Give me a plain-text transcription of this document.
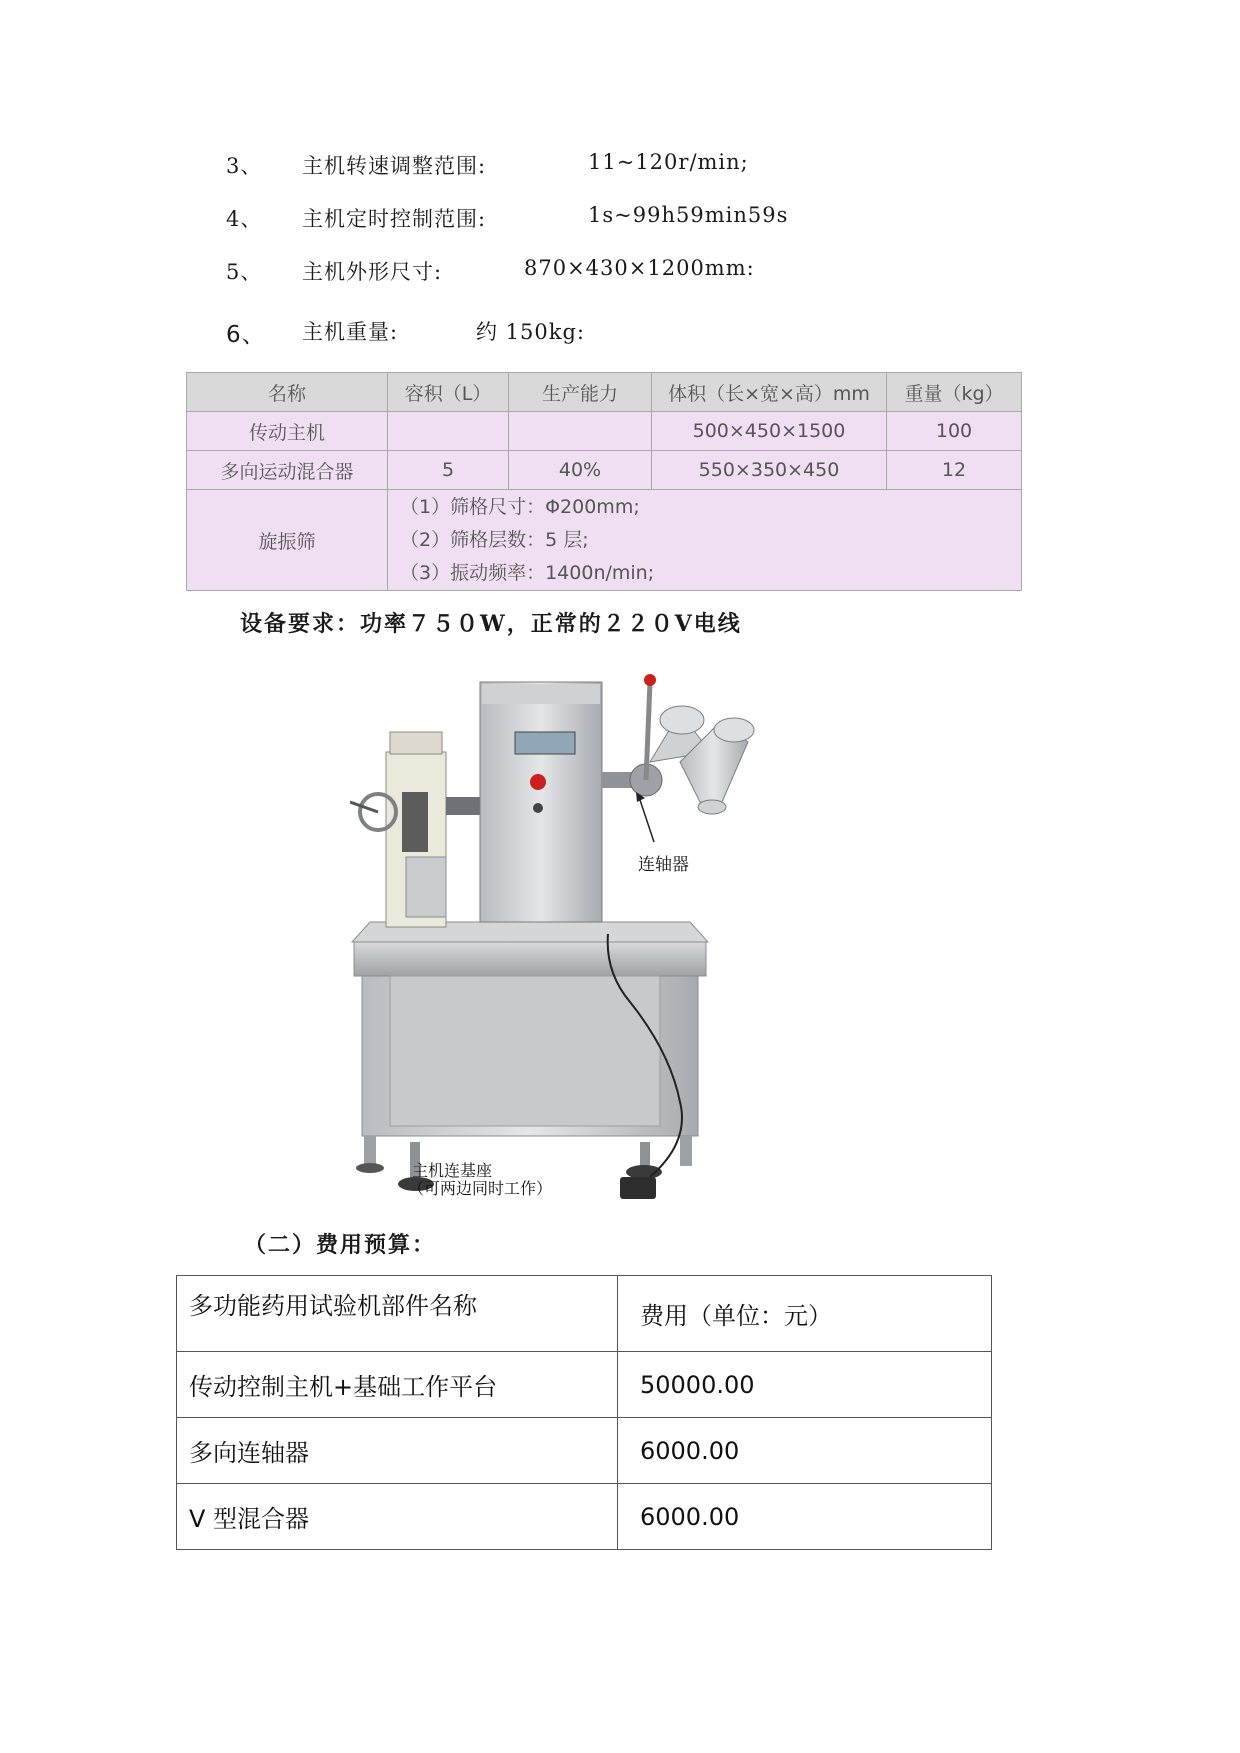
3、 主机转速调整范围:	11~120r/min;
4、 主机定时控制范围:	1s~99h59min59s
5、 主机外形尺寸:	870×430×1200mm:
6、 主机重量:	约 150kg:
名称	容积（L）	生产能力	体积（长×宽×高）mm	重量（kg）
传动主机			500×450×1500	100
多向运动混合器	5	40%	550×350×450	12
旋振筛	（1）筛格尺寸：Φ200mm;
（2）筛格层数：5 层;
（3）振动频率：1400n/min;			
设备要求：功率７５０W，正常的２２０V电线
连轴器
主机连基座
（可两边同时工作）
（二）费用预算：
多功能药用试验机部件名称	费用（单位：元）
传动控制主机+基础工作平台	50000.00
多向连轴器	6000.00
V 型混合器	6000.00
